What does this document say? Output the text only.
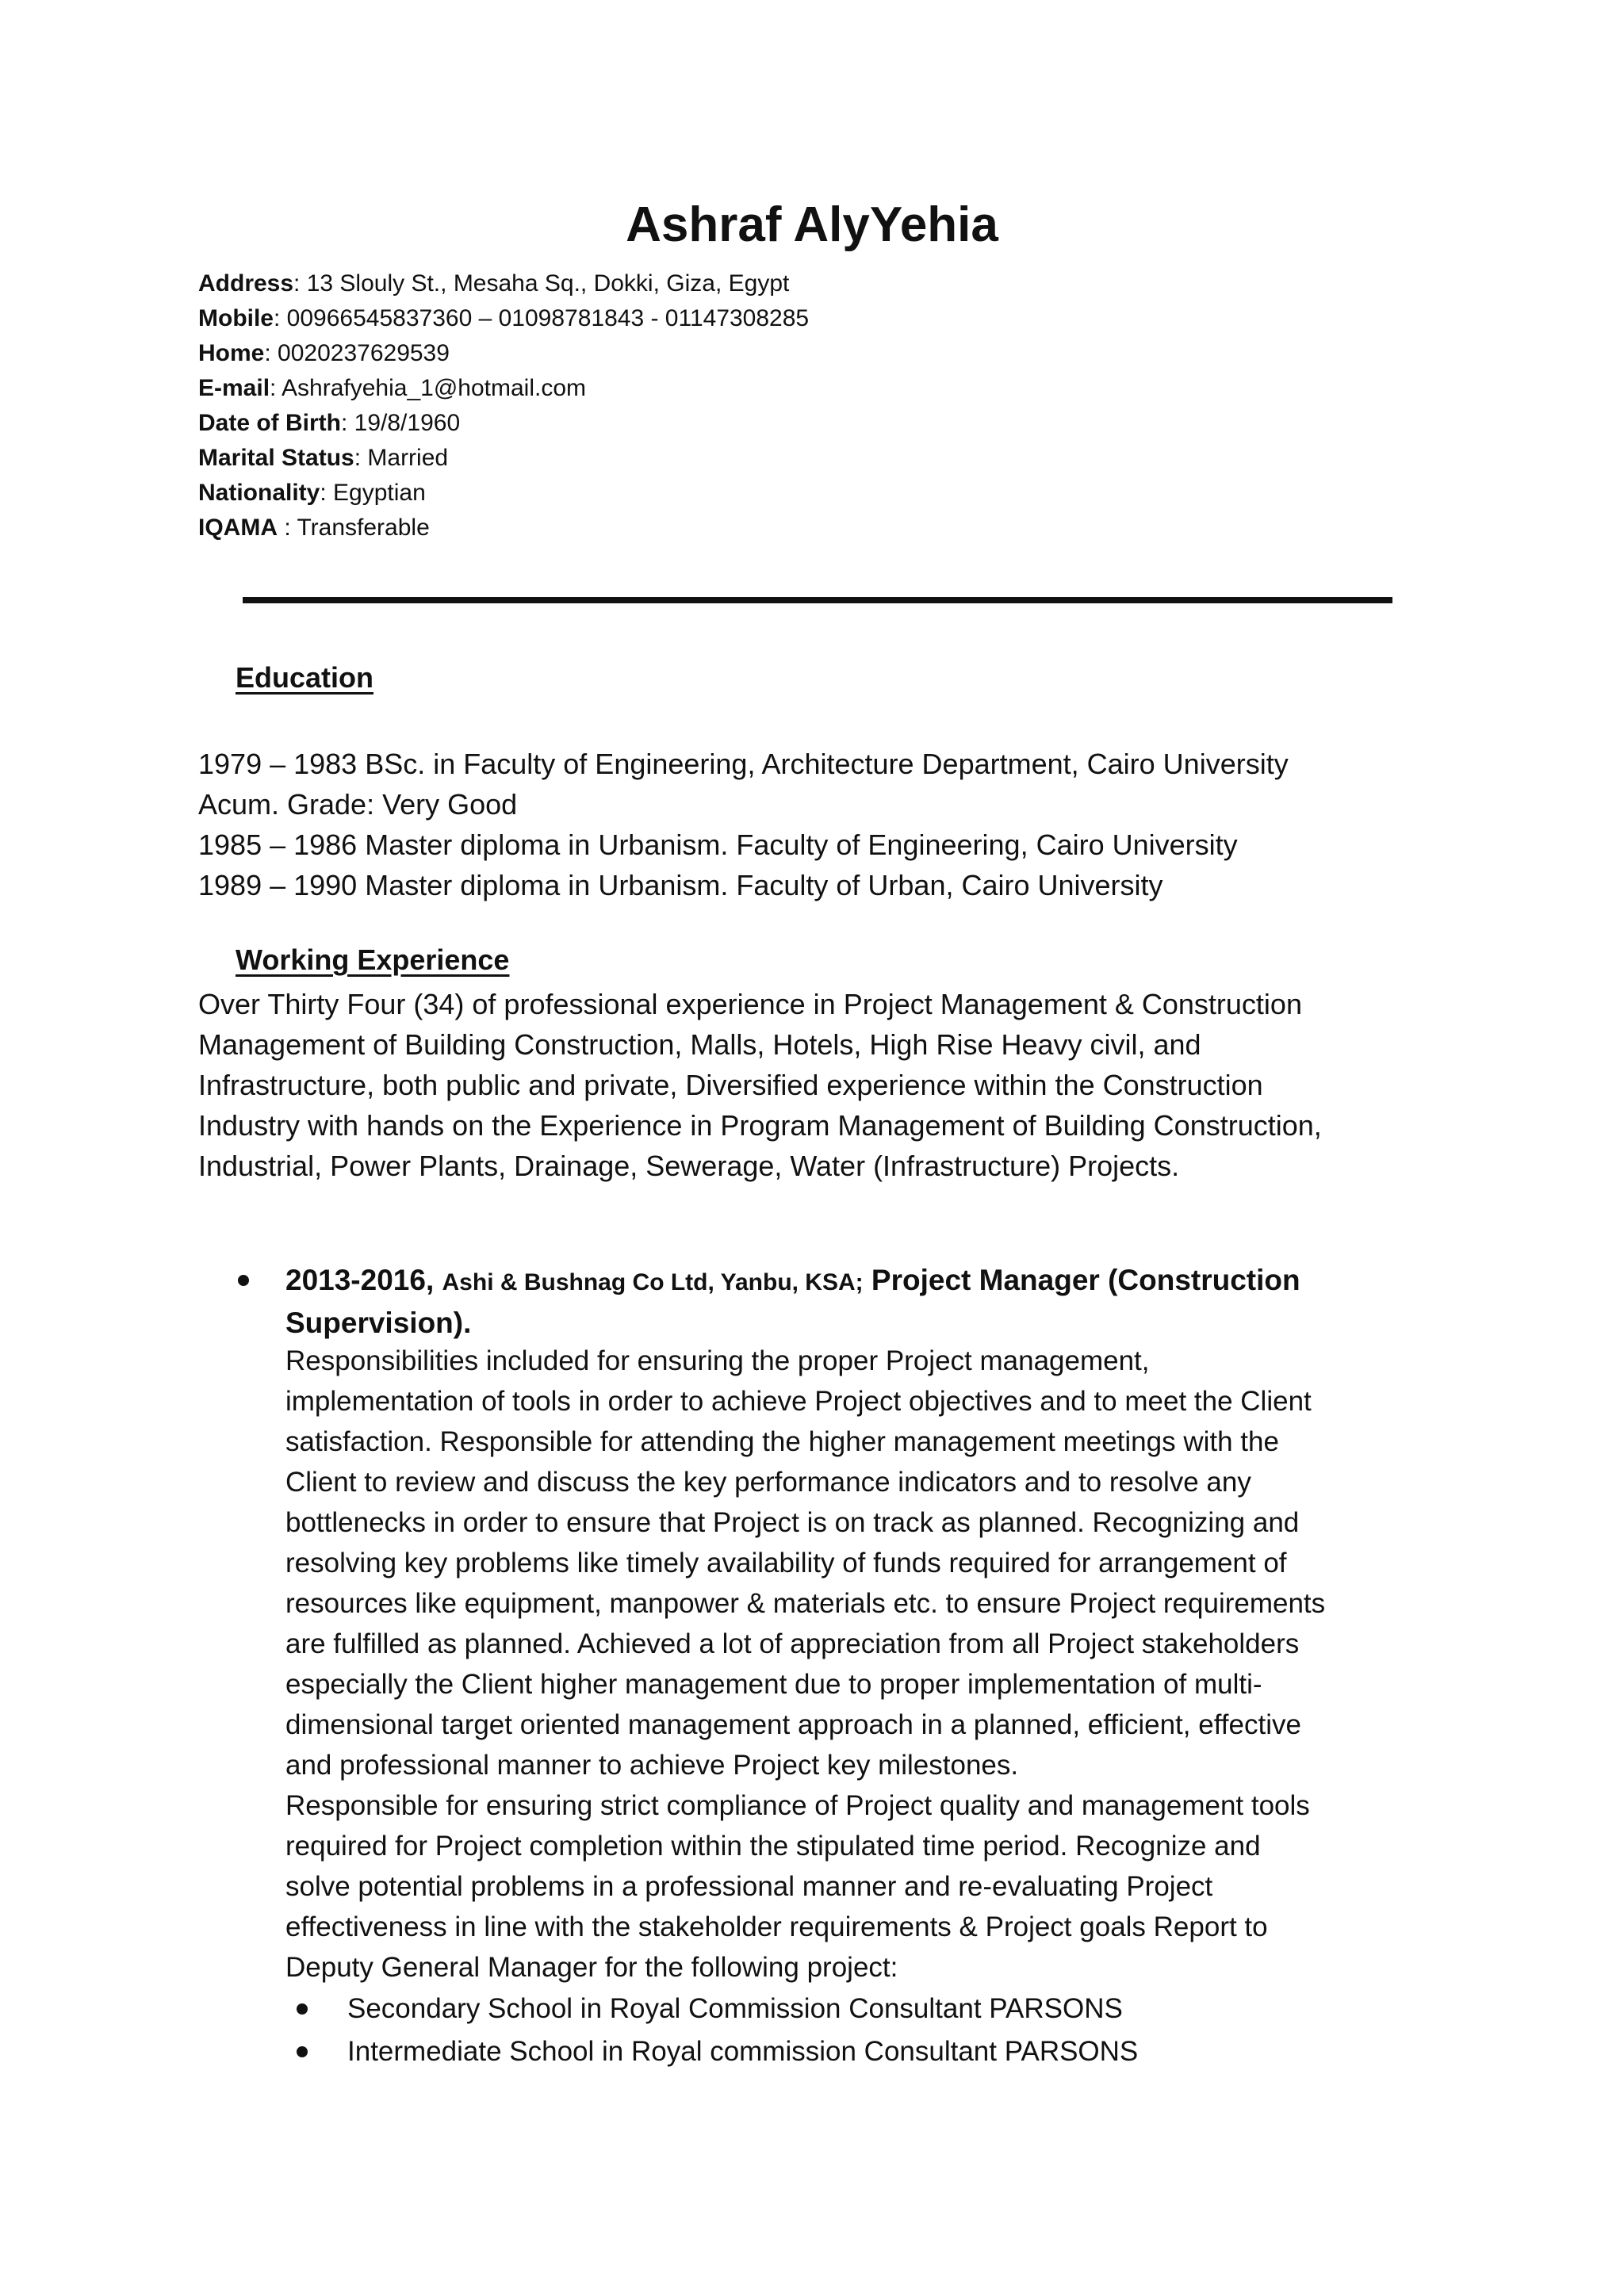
Ashraf AlyYehia
Address: 13 Slouly St., Mesaha Sq., Dokki, Giza, Egypt
Mobile: 00966545837360 – 01098781843 - 01147308285
Home: 0020237629539
E-mail: Ashrafyehia_1@hotmail.com
Date of Birth: 19/8/1960
Marital Status: Married
Nationality: Egyptian
IQAMA : Transferable
Education
1979 – 1983 BSc. in Faculty of Engineering, Architecture Department, Cairo University
Acum. Grade: Very Good
1985 – 1986 Master diploma in Urbanism. Faculty of Engineering, Cairo University
1989 – 1990 Master diploma in Urbanism. Faculty of Urban, Cairo University
Working Experience
Over Thirty Four (34) of professional experience in Project Management & Construction
Management of Building Construction, Malls, Hotels, High Rise Heavy civil, and
Infrastructure, both public and private, Diversified experience within the Construction
Industry with hands on the Experience in Program Management of Building Construction,
Industrial, Power Plants, Drainage, Sewerage, Water (Infrastructure) Projects.
2013-2016, Ashi & Bushnag Co Ltd, Yanbu, KSA; Project Manager (Construction
Supervision).
Responsibilities included for ensuring the proper Project management,
implementation of tools in order to achieve Project objectives and to meet the Client
satisfaction. Responsible for attending the higher management meetings with the
Client to review and discuss the key performance indicators and to resolve any
bottlenecks in order to ensure that Project is on track as planned. Recognizing and
resolving key problems like timely availability of funds required for arrangement of
resources like equipment, manpower & materials etc. to ensure Project requirements
are fulfilled as planned. Achieved a lot of appreciation from all Project stakeholders
especially the Client higher management due to proper implementation of multi-
dimensional target oriented management approach in a planned, efficient, effective
and professional manner to achieve Project key milestones.
Responsible for ensuring strict compliance of Project quality and management tools
required for Project completion within the stipulated time period. Recognize and
solve potential problems in a professional manner and re-evaluating Project
effectiveness in line with the stakeholder requirements & Project goals Report to
Deputy General Manager for the following project:
Secondary School in Royal Commission Consultant PARSONS
Intermediate School in Royal commission Consultant PARSONS
